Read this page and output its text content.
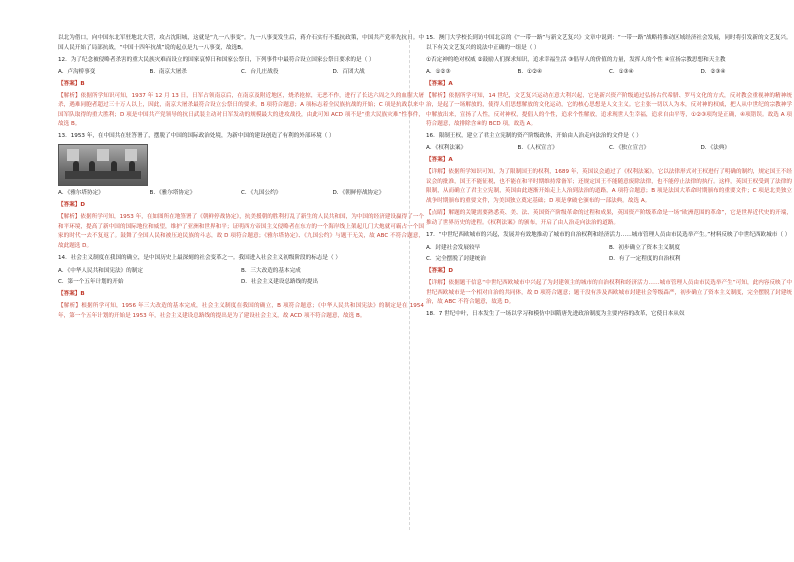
以北为借口，向中国东北军驻地北大营，攻占沈阳城，这就是“九一八事变”。九一八事变发生后，蒋介石实行不抵抗政策，中国共产党率先抗日。中国人民开始了局部抗战，“中国十四年抗战”说的起点是九一八事变，故选B。

12．为了纪念被侵略者杀害的重大民族灾难而设立的国家哀悼日和国家公祭日，下列事件中最符合设立国家公祭日要求的是（ ）

A．卢沟桥事变	B．南京大屠杀	C．台儿庄战役	D．百团大战

【答案】B

【解析】依据所学知识可知，1937 年 12 月 13 日，日军占领南京后，在南京及附近地区，烧杀抢掠，无恶不作，进行了长达六周之久的血腥大屠杀，遇难同胞者超过三十万人以上，因此，南京大屠杀最符合设立公祭日的要求，B 项符合题意；A 项标志着全民族抗战的开始；C 项是抗战以来中国军队取得的重大胜利；D 项是中国共产党领导的抗日武装主动对日军发动的规模最大的进攻战役，由此可知 ACD 项不是“重大民族灾难”性事件，故选 B。

13．1953 年，在中国共在驻答署了，摆脱了中国的国际政治处境，为新中国的建设创造了有利的外部环境（ ）

A．《雅尔塔协定》	B．《雅尔塔协定》	C．《九国公约》	D．《朝鲜停战协定》

【答案】D

【解析】依据所学可知，1953 年，在如图所在地签署了《朝鲜停战协定》，抗美援朝的胜利打乱了新生的人民共和国，为中国的经济建设赢得了一个和平环境，提高了新中国的国际地位和威望，维护了亚洲和世界和平；证明西方帝国主义侵略者在东方的一个海岸线上架起几门大炮就可霸占一个国家的时代一去不复返了。鼓舞了全国人民和被压迫民族的斗志，故 D 项符合题意；《雅尔塔协定》、《九国公约》与题干无关，故 ABC 不符合题意，故此题选 D。

14．社会主义制度在我国的确立，是中国历史上最深刻的社会变革之一。我国进入社会主义初级阶段的标志是（ ）

A．《中华人民共和国宪法》的制定	B．三大改造的基本完成
C．第一个五年计划的开始	D．社会主义建设总路线的提出

【答案】B

【解析】根据所学可知，1956 年三大改造的基本完成，社会主义制度在我国的确立，B 项符合题意；《中华人民共和国宪法》的制定是在 1954 年，第一个五年计划的开始是 1953 年，社会主义建设总路线的提出是为了建设社会主义，故 ACD 项不符合题意，故选 B。

15．澳门大学校长到访中国北京的《“一带一路”与新文艺复兴》文章中说到：“一带一路”战略将推动区域经济社会发展，同时将引发新的文艺复兴。以下有关文艺复兴的说法中正确的一组是（ ）

①否定神的绝对权威 ②鼓励人们探求知识，追求幸福生活 ③倡导人的价值的力量，发挥人的个性 ④宣扬宗教思想和天主教

A．①②③	B．①②④	C．①③④	D．②③④

【答案】A

【解析】依据所学可知，14 世纪，文艺复兴运动在意大利兴起，它是新兴资产阶级通过弘扬古代希腊、罗马文化的方式，反对教会重视神的精神统治，是起了一场解放的，使得人们思想解放的文化运动，它的核心思想是人文主义。它主张一切以人为本，反对神的权威，把人从中世纪的宗教神学中解放出来，宣扬了人性，反对神权，提倡人的个性，追求个性解放，追求现世人生幸福，追求自由平等，①②③项均是正确，④项错误。故选 A 项符合题意，故排除含④的 BCD 项，故选 A。

16．限制王权，建立了君主立宪制的资产阶级政体，开始由人治走向法治的文件是（ ）

A．《权利法案》	B．《人权宣言》	C．《独立宣言》	D．《法典》

【答案】A

【详解】依据所学知识可知，为了限制国王的权利，1689 年，英国议会通过了《权利法案》，它以法律形式对王权进行了明确的制约，规定国王不经议会的批准，国王不能征税，也不能在和平时期维持常备军；还规定国王不能随意废除法律，也不能停止法律的执行。这样，英国王权受到了法律的限制，从而确立了君主立宪制，英国由此逐渐开始走上人治到法治的道路，A 项符合题意；B 项是法国大革命时期颁布的重要文件；C 项是北美独立战争时期颁布的重要文件，为美国独立奠定基础；D 项是拿破仑颁布的一部法典。故选 A。

【点睛】解题的关键需要熟悉英、美、法、英国资产阶级革命的过程和成果，英国资产阶级革命是一场“欧洲范围的革命”，它是世界近代史的开端，推动了世界历史的进程。《权利法案》的颁布，开启了由人治走向法治的道路。

17．“中世纪西欧城市的兴起，发展并有效地推动了城市的自治权利和经济活力……城市管理人员由市民选举产生。”材料反映了中世纪西欧城市（ ）

A．封建社会发展较早	B．初步确立了资本主义制度
C．完全摆脱了封建统治	D．有了一定程度的自治权利

【答案】D

【详解】依据题干信息“中世纪西欧城市中兴起了为封建领主的城市的自治权利和经济活力……城市管理人员由市民选举产生”可知，此内容反映了中世纪西欧城市是一个相对自治的共同体，故 D 项符合题意；题干没有涉及西欧城市封建社会等级森严，初步确立了资本主义制度，完全摆脱了封建统治，故 ABC 不符合题意，故选 D。

18．7 世纪中叶，日本发生了一场以学习和模仿中国隋唐先进政治制度为主要内容的改革，它使日本从奴
